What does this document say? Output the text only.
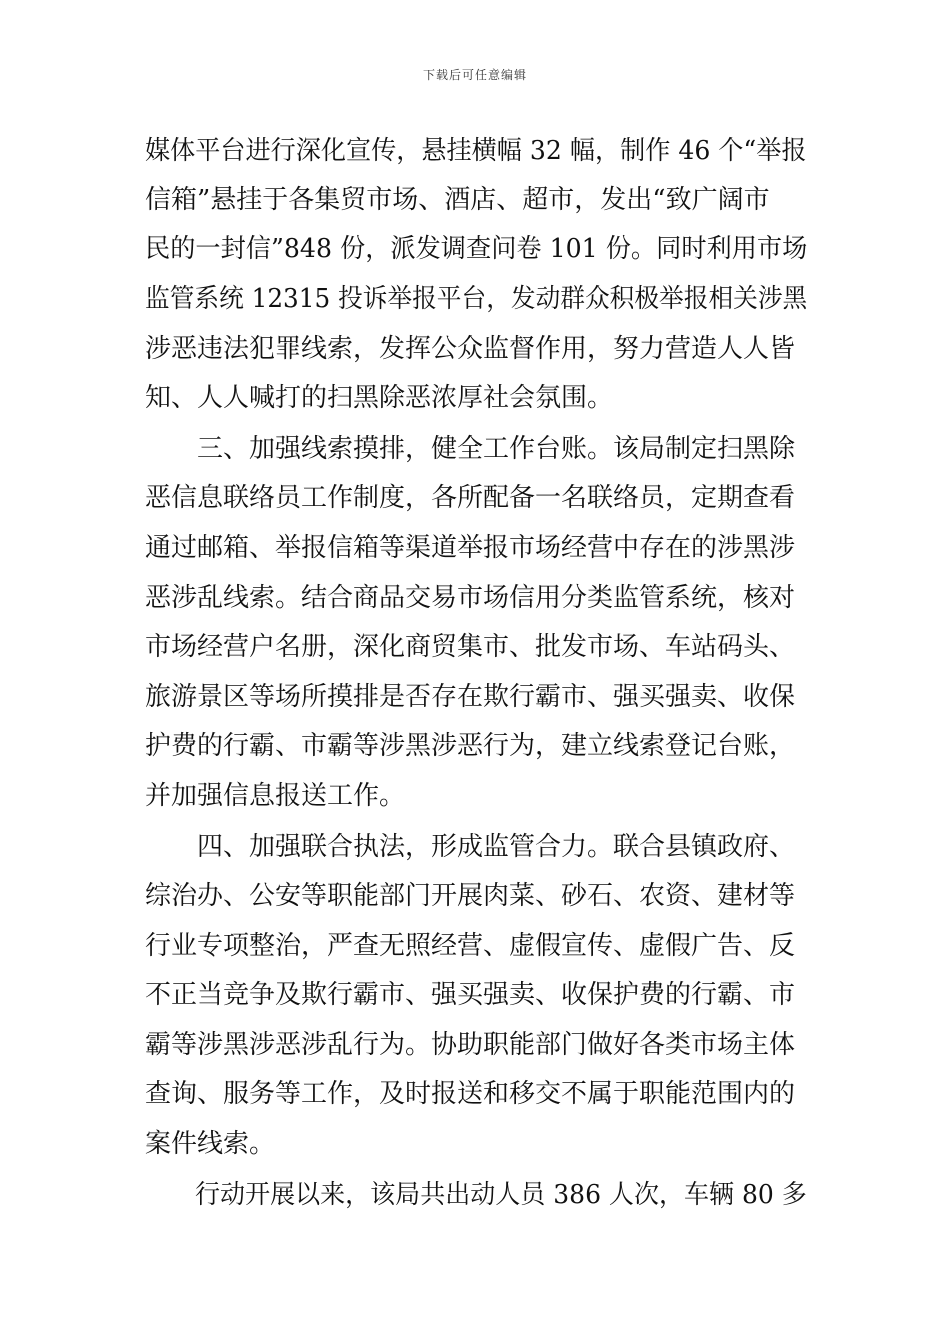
下载后可任意编辑
媒体平台进行深化宣传，悬挂横幅 32 幅，制作 46 个“举报
信箱”悬挂于各集贸市场、酒店、超市，发出“致广阔市
民的一封信”848 份，派发调查问卷 101 份。同时利用市场
监管系统 12315 投诉举报平台，发动群众积极举报相关涉黑
涉恶违法犯罪线索，发挥公众监督作用，努力营造人人皆
知、人人喊打的扫黑除恶浓厚社会氛围。
　　三、加强线索摸排，健全工作台账。该局制定扫黑除
恶信息联络员工作制度，各所配备一名联络员，定期查看
通过邮箱、举报信箱等渠道举报市场经营中存在的涉黑涉
恶涉乱线索。结合商品交易市场信用分类监管系统，核对
市场经营户名册，深化商贸集市、批发市场、车站码头、
旅游景区等场所摸排是否存在欺行霸市、强买强卖、收保
护费的行霸、市霸等涉黑涉恶行为，建立线索登记台账，
并加强信息报送工作。
　　四、加强联合执法，形成监管合力。联合县镇政府、
综治办、公安等职能部门开展肉菜、砂石、农资、建材等
行业专项整治，严查无照经营、虚假宣传、虚假广告、反
不正当竞争及欺行霸市、强买强卖、收保护费的行霸、市
霸等涉黑涉恶涉乱行为。协助职能部门做好各类市场主体
查询、服务等工作，及时报送和移交不属于职能范围内的
案件线索。
　　行动开展以来，该局共出动人员 386 人次，车辆 80 多
